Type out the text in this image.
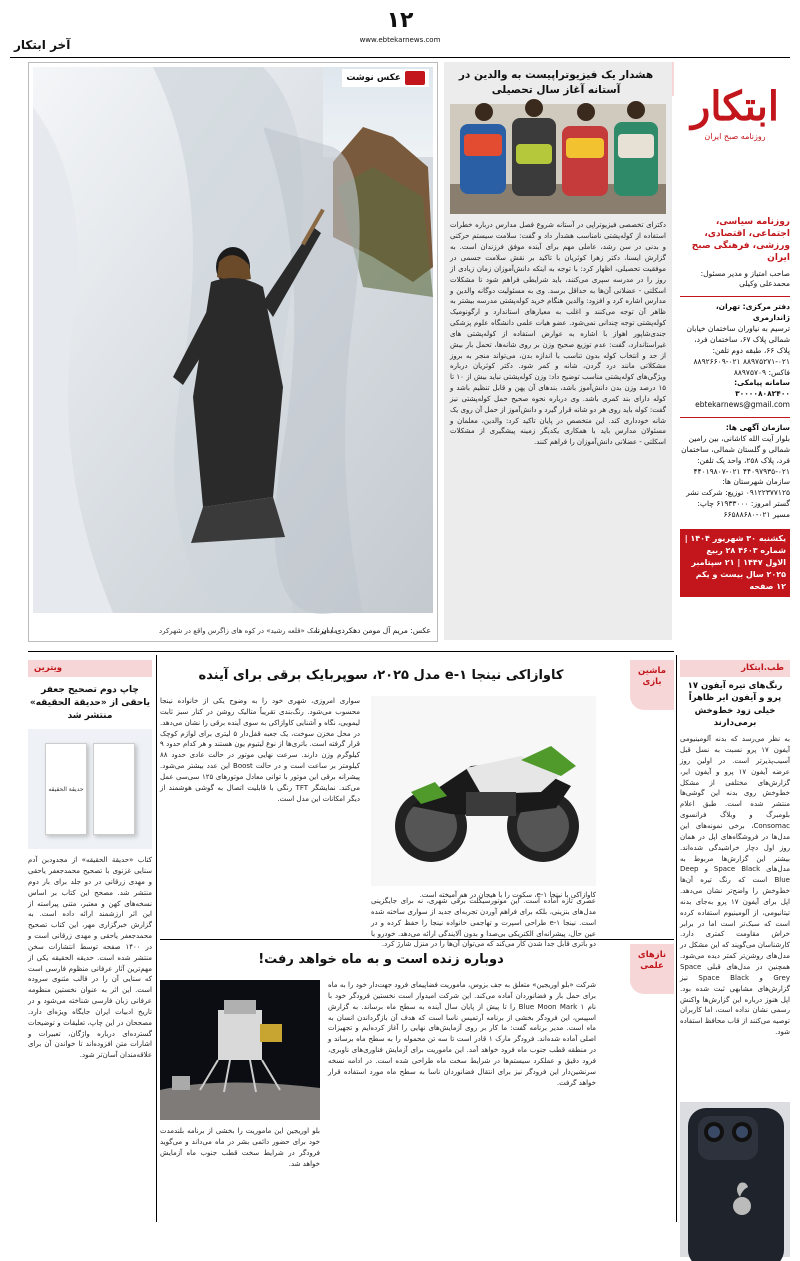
۱۲
www.ebtekarnews.com
آخر ابتکار
ابتکار
روزنامه صبح ایران
روزنامه سیاسی، اجتماعی، اقتصادی، ورزشی، فرهنگی صبح ایران
صاحب امتیاز و مدیر مسئول:
محمدعلی وکیلی
دفتر مرکزی: تهران، ژاندارمری
ترسیم به نیاوران ساختمان خیابان شمالی پلاک ۶۷، ساختمان فرد، پلاک ۶۶، طبقه دوم تلفن: ۰۲۱-۸۸۹۷۵۲۷۱ ۰۲۱-۸۸۹۲۶۶۰۹ فاکس: ۸۸۹۷۵۷۰۹
سامانه پیامکی: ۳۰۰۰۰۸۰۸۲۴۰۰
ebtekarnews@gmail.com
سازمان آگهی ها:
بلوار آیت الله کاشانی، بین رامین شمالی و گلستان شمالی، ساختمان فرد، پلاک ۲۵۸، واحد یک تلفن: ۰۲۱-۴۴۰۹۷۹۳۵ ۰۲۱-۴۴۰۱۹۸۰۷ سازمان شهرستان ها: ۰۹۱۲۲۳۷۷۱۲۵ توزیع: شرکت نشر گستر امروز: ۶۱۹۳۳۰۰۰ چاپ: مسیر ۰۲۱-۶۶۵۸۸۶۸۰
یکشنبه ۳۰ شهریور ۱۴۰۴ | شماره ۴۶۰۳ ۲۸ ربیع الاول ۱۴۴۷ | ۲۱ سپتامبر ۲۰۲۵ سال بیست و یکم ۱۲ صفحه
هشدار یک فیزیوتراپیست به والدین در آستانه آغاز سال تحصیلی
دکترای تخصصی فیزیوتراپی در آستانه شروع فصل مدارس درباره خطرات استفاده از کوله‌پشتی نامناسب هشدار داد و گفت: سلامت سیستم حرکتی و بدنی در سن رشد، عاملی مهم برای آینده موفق فرزندان است. به گزارش ایسنا، دکتر زهرا کوثریان با تاکید بر نقش سلامت جسمی در موفقیت تحصیلی، اظهار کرد: با توجه به اینکه دانش‌آموزان زمان زیادی از روز را در مدرسه سپری می‌کنند، باید شرایطی فراهم شود تا مشکلات اسکلتی - عضلانی آن‌ها به حداقل برسد. وی به مسئولیت دوگانه والدین و مدارس اشاره کرد و افزود: والدین هنگام خرید کوله‌پشتی مدرسه بیشتر به ظاهر آن توجه می‌کنند و اغلب به معیارهای استاندارد و ارگونومیک کوله‌پشتی توجه چندانی نمی‌شود. عضو هیات علمی دانشگاه علوم پزشکی جندی‌شاپور اهواز با اشاره به عوارض استفاده از کوله‌پشتی های غیراستاندارد، گفت: عدم توزیع صحیح وزن بر روی شانه‌ها، تحمل بار بیش از حد و انتخاب کوله بدون تناسب با اندازه بدن، می‌تواند منجر به بروز مشکلاتی مانند درد گردن، شانه و کمر شود. دکتر کوثریان درباره ویژگی‌های کوله‌پشتی مناسب توضیح داد: وزن کوله‌پشتی نباید بیش از ۱۰ تا ۱۵ درصد وزن بدن دانش‌آموز باشد، بندهای آن پهن و قابل تنظیم باشد و کوله دارای بند کمری باشد. وی درباره نحوه صحیح حمل کوله‌پشتی نیز گفت: کوله باید روی هر دو شانه قرار گیرد و دانش‌آموز از حمل آن روی یک شانه خودداری کند. این متخصص در پایان تاکید کرد: والدین، معلمان و مسئولان مدارس باید با همکاری یکدیگر زمینه پیشگیری از مشکلات اسکلتی - عضلانی دانش‌آموزان را فراهم کنند.
عکس نوشت
عکس: مریم آل مومن دهکردی / ایرنا
معدن نمک «قلعه رشید» در کوه های زاگرس واقع در شهرکرد
طب.ابتکار
رنگ‌های تیره آیفون ۱۷ پرو و آیفون ایر ظاهراً خیلی زود خط‌وخش برمی‌دارند
به نظر می‌رسد که بدنه آلومینیومی آیفون ۱۷ پرو نسبت به نسل قبل آسیب‌پذیرتر است. در اولین روز عرضه آیفون ۱۷ پرو و آیفون ایر، گزارش‌های مختلفی از مشکل خط‌وخش روی بدنه این گوشی‌ها منتشر شده است. طبق اعلام بلومبرگ و وبلاگ فرانسوی Consomac، برخی نمونه‌های این مدل‌ها در فروشگاه‌های اپل در همان روز اول دچار خراشیدگی شده‌اند. بیشتر این گزارش‌ها مربوط به مدل‌های Space Black و Deep Blue است که رنگ تیره آن‌ها خط‌وخش را واضح‌تر نشان می‌دهد. اپل برای آیفون ۱۷ پرو به‌جای بدنه تیتانیومی، از آلومینیوم استفاده کرده است که سبک‌تر است اما در برابر خراش مقاومت کمتری دارد. کارشناسان می‌گویند که این مشکل در مدل‌های روشن‌تر کمتر دیده می‌شود. همچنین در مدل‌های قبلی Space Grey و Space Black نیز گزارش‌های مشابهی ثبت شده بود. اپل هنوز درباره این گزارش‌ها واکنش رسمی نشان نداده است، اما کاربران توصیه می‌کنند از قاب محافظ استفاده شود.
ماشین بازی
کاوازاکی نینجا e-۱ مدل ۲۰۲۵، سوپربایک برقی برای آینده
کاوازاکی با نینجا e-۱، سکوت را با هیجان در هم آمیخته است.
عصری تازه آماده است. این موتورسیکلت برقی شهری، نه برای جایگزینی مدل‌های بنزینی، بلکه برای فراهم آوردن تجربه‌ای جدید از سواری ساخته شده است. نینجا e-۱ طراحی اسپرت و تهاجمی خانواده نینجا را حفظ کرده و در عین حال، پیشرانه‌ای الکتریکی بی‌صدا و بدون آلایندگی ارائه می‌دهد. خودرو با دو باتری قابل جدا شدن کار می‌کند که می‌توان آن‌ها را در منزل شارژ کرد.
سواری امروزی، شهری خود را به وضوح یکی از خانواده نینجا محسوب می‌شود. رنگ‌بندی تقریباً متالیک روشن در کنار سبز ثابت لیمویی، نگاه و آشنایی کاوازاکی به سوی آینده برقی را نشان می‌دهد. در محل مخزن سوخت، یک جعبه قفل‌دار ۵ لیتری برای لوازم کوچک قرار گرفته است. باتری‌ها از نوع لیتیوم یون هستند و هر کدام حدود ۹ کیلوگرم وزن دارند. سرعت نهایی موتور در حالت عادی حدود ۸۸ کیلومتر بر ساعت است و در حالت Boost این عدد بیشتر می‌شود. پیشرانه برقی این موتور با توانی معادل موتورهای ۱۲۵ سی‌سی عمل می‌کند. نمایشگر TFT رنگی با قابلیت اتصال به گوشی هوشمند از دیگر امکانات این مدل است.
نازهای علمی
دوباره زنده است و به ماه خواهد رفت!
شرکت «بلو اوریجین» متعلق به جف بزوس، ماموریت فضاپیمای فرود جهت‌دار خود را به ماه برای حمل بار و فضانوردان آماده می‌کند. این شرکت امیدوار است نخستین فرودگر خود با نام Blue Moon Mark ۱ را تا پیش از پایان سال آینده به سطح ماه برساند. به گزارش اسپیس، این فرودگر بخشی از برنامه آرتمیس ناسا است که هدف آن بازگرداندن انسان به ماه است. مدیر برنامه گفت: ما کار بر روی آزمایش‌های نهایی را آغاز کرده‌ایم و تجهیزات اصلی آماده شده‌اند. فرودگر مارک ۱ قادر است تا سه تن محموله را به سطح ماه برساند و در منطقه قطب جنوب ماه فرود خواهد آمد. این ماموریت برای آزمایش فناوری‌های ناوبری، فرود دقیق و عملکرد سیستم‌ها در شرایط سخت ماه طراحی شده است. در ادامه نسخه سرنشین‌دار این فرودگر نیز برای انتقال فضانوردان ناسا به سطح ماه مورد استفاده قرار خواهد گرفت.
بلو اوریجین این ماموریت را بخشی از برنامه بلندمدت خود برای حضور دائمی بشر در ماه می‌داند و می‌گوید فرودگر در شرایط سخت قطب جنوب ماه آزمایش خواهد شد.
ویترین
چاپ دوم تصحیح جعفر یاحقی از «حدیقة الحقیقه» منتشر شد
حدیقة الحقیقه
کتاب «حدیقة الحقیقه» از مجدودبن آدم سنایی غزنوی با تصحیح محمدجعفر یاحقی و مهدی زرقانی در دو جلد برای بار دوم منتشر شد. مصحح این کتاب بر اساس نسخه‌های کهن و معتبر، متنی پیراسته از این اثر ارزشمند ارائه داده است. به گزارش خبرگزاری مهر، این کتاب تصحیح محمدجعفر یاحقی و مهدی زرقانی است و در ۱۴۰۰ صفحه توسط انتشارات سخن منتشر شده است. حدیقه الحقیقه یکی از مهم‌ترین آثار عرفانی منظوم فارسی است که سنایی آن را در قالب مثنوی سروده است. این اثر به عنوان نخستین منظومه عرفانی زبان فارسی شناخته می‌شود و در تاریخ ادبیات ایران جایگاه ویژه‌ای دارد. مصححان در این چاپ، تعلیقات و توضیحات گسترده‌ای درباره واژگان، تعبیرات و اشارات متن افزوده‌اند تا خواندن آن برای علاقه‌مندان آسان‌تر شود.
